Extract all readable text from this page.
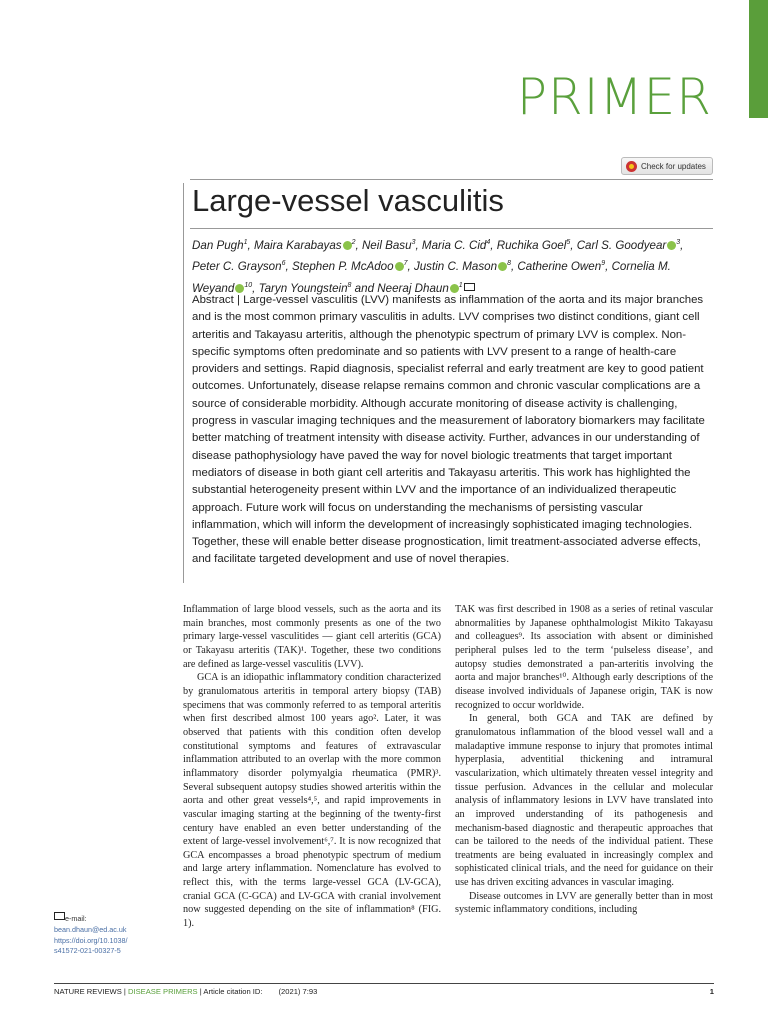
PRIMER
Check for updates
Large-vessel vasculitis
Dan Pugh$^1$, Maira Karabayas $^2$, Neil Basu$^3$, Maria C. Cid$^4$, Ruchika Goel$^5$, Carl S. Goodyear $^3$, Peter C. Grayson$^6$, Stephen P. McAdoo $^7$, Justin C. Mason $^8$, Catherine Owen$^9$, Cornelia M. Weyand $^{10}$, Taryn Youngstein$^8$ and Neeraj Dhaun $^1$
Abstract | Large-vessel vasculitis (LVV) manifests as inflammation of the aorta and its major branches and is the most common primary vasculitis in adults. LVV comprises two distinct conditions, giant cell arteritis and Takayasu arteritis, although the phenotypic spectrum of primary LVV is complex. Non-specific symptoms often predominate and so patients with LVV present to a range of health-care providers and settings. Rapid diagnosis, specialist referral and early treatment are key to good patient outcomes. Unfortunately, disease relapse remains common and chronic vascular complications are a source of considerable morbidity. Although accurate monitoring of disease activity is challenging, progress in vascular imaging techniques and the measurement of laboratory biomarkers may facilitate better matching of treatment intensity with disease activity. Further, advances in our understanding of disease pathophysiology have paved the way for novel biologic treatments that target important mediators of disease in both giant cell arteritis and Takayasu arteritis. This work has highlighted the substantial heterogeneity present within LVV and the importance of an individualized therapeutic approach. Future work will focus on understanding the mechanisms of persisting vascular inflammation, which will inform the development of increasingly sophisticated imaging technologies. Together, these will enable better disease prognostication, limit treatment-associated adverse effects, and facilitate targeted development and use of novel therapies.

Inflammation of large blood vessels, such as the aorta and its main branches, most commonly presents as one of the two primary large-vessel vasculitides — giant cell arteritis (GCA) or Takayasu arteritis (TAK)¹. Together, these two conditions are defined as large-vessel vasculitis (LVV).

GCA is an idiopathic inflammatory condition characterized by granulomatous arteritis in temporal artery biopsy (TAB) specimens that was commonly referred to as temporal arteritis when first described almost 100 years ago². Later, it was observed that patients with this condition often develop constitutional symptoms and features of extravascular inflammation attributed to an overlap with the more common inflammatory disorder polymyalgia rheumatica (PMR)³. Several subsequent autopsy studies showed arteritis within the aorta and other great vessels⁴,⁵, and rapid improvements in vascular imaging starting at the beginning of the twenty-first century have enabled an even better understanding of the extent of large-vessel involvement⁶,⁷. It is now recognized that GCA encompasses a broad phenotypic spectrum of medium and large artery inflammation. Nomenclature has evolved to reflect this, with the terms large-vessel GCA (LV-GCA), cranial GCA (C-GCA) and LV-GCA with cranial involvement now suggested depending on the site of inflammation⁸ (FIG. 1).

TAK was first described in 1908 as a series of retinal vascular abnormalities by Japanese ophthalmologist Mikito Takayasu and colleagues⁹. Its association with absent or diminished peripheral pulses led to the term ‘pulseless disease’, and autopsy studies demonstrated a pan-arteritis involving the aorta and major branches¹⁰. Although early descriptions of the disease involved individuals of Japanese origin, TAK is now recognized to occur worldwide.

In general, both GCA and TAK are defined by granulomatous inflammation of the blood vessel wall and a maladaptive immune response to injury that promotes intimal hyperplasia, adventitial thickening and intramural vascularization, which ultimately threaten vessel integrity and tissue perfusion. Advances in the cellular and molecular analysis of inflammatory lesions in LVV have translated into an improved understanding of its pathogenesis and mechanism-based diagnostic and therapeutic approaches that can be tailored to the needs of the individual patient. These treatments are being evaluated in increasingly complex and sophisticated clinical trials, and the need for guidance on their use has driven exciting advances in vascular imaging.

Disease outcomes in LVV are generally better than in most systemic inflammatory conditions, including

e-mail:
bean.dhaun@ed.ac.uk
https://doi.org/10.1038/
s41572-021-00327-5
NATURE REVIEWS | DISEASE PRIMERS | Article citation ID: (2021) 7:93	1
